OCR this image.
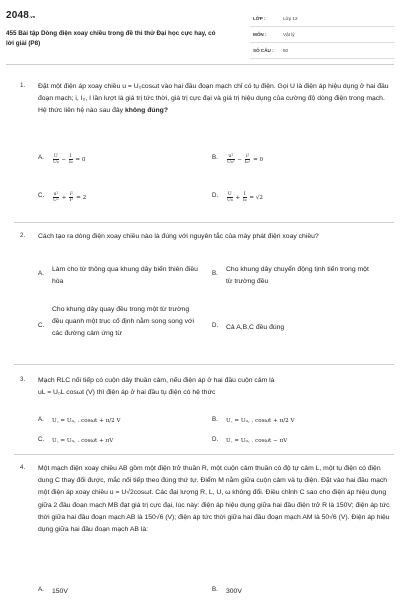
2048.vn
455 Bài tập Dòng điện xoay chiều trong đề thi thử Đại học cực hay, có lời giải (P8)
LỚP :	Lớp 12
MÔN :	Vật lý
SỐ CÂU : 50
1. Đặt một điện áp xoay chiều u = U₀cosωt vào hai đầu đoạn mạch chỉ có tụ điện. Gọi U là điện áp hiệu dụng ở hai đầu đoạn mạch; i, I₀, I lần lượt là giá trị tức thời, giá trị cực đại và giá trị hiệu dụng của cường độ dòng điện trong mạch. Hệ thức liên hệ nào sau đây không đúng?
A. $\frac{U}{\text{U₀}} - \frac{I}{\text{I₀}} = 0$	B. $\frac{\text{u²}}{\text{U₀²}} - \frac{\text{i²}}{\text{I₀²}} = 0$
C. $\frac{\text{u²}}{\text{U²}} + \frac{\text{i²}}{\text{I²}} = 2$	D. $\frac{U}{\text{U₀}} + \frac{I}{\text{I₀}} = √2$
2. Cách tạo ra dòng điện xoay chiều nào là đúng với nguyên tắc của máy phát điện xoay chiều?
A.
Làm cho từ thông qua khung dây biến thiên điều hòa
B.
Cho khung dây chuyển động tịnh tiến trong một từ trường đều
C.
Cho khung dây quay đều trong một từ trường đều quanh một trục cố định nằm song song với các đường cảm ứng từ
D. Cả A,B,C đều đúng
3. Mạch RLC nối tiếp có cuộn dây thuần cảm, nếu điện áp ở hai đầu cuộn cảm là
uL = U₀L cosωt (V) thì điện áp ở hai đầu tụ điện có hệ thức
A. U꜀ = U₀꜀ . cosωt + π/2 V	B. U꜀ = U₀꜀ . cosωt + π/2 V
C. U꜀ = U₀꜀ . cosωt + πV	D. U꜀ = U₀꜀ . cosωt − πV
4. Một mạch điện xoay chiều AB gồm một điện trở thuần R, một cuộn cảm thuần có độ tự cảm L, một tụ điện có điện dung C thay đổi được, mắc nối tiếp theo đúng thứ tự. Điểm M nằm giữa cuộn cảm và tụ điện. Đặt vào hai đầu mạch một điện áp xoay chiều u = U√2cosωt. Các đại lượng R, L, U, ω không đổi. Điều chỉnh C sao cho điện áp hiệu dụng giữa 2 đầu đoạn mạch MB đạt giá trị cực đại, lúc này: điện áp hiệu dụng giữa hai đầu điện trở R là 150V; điện áp tức thời giữa hai đầu đoạn mạch AB là 150√6 (V); điện áp tức thời giữa hai đầu đoạn mạch AM là 50√6 (V). Điện áp hiệu dụng giữa hai đầu đoạn mạch AB là:
A. 150V	B. 300V
